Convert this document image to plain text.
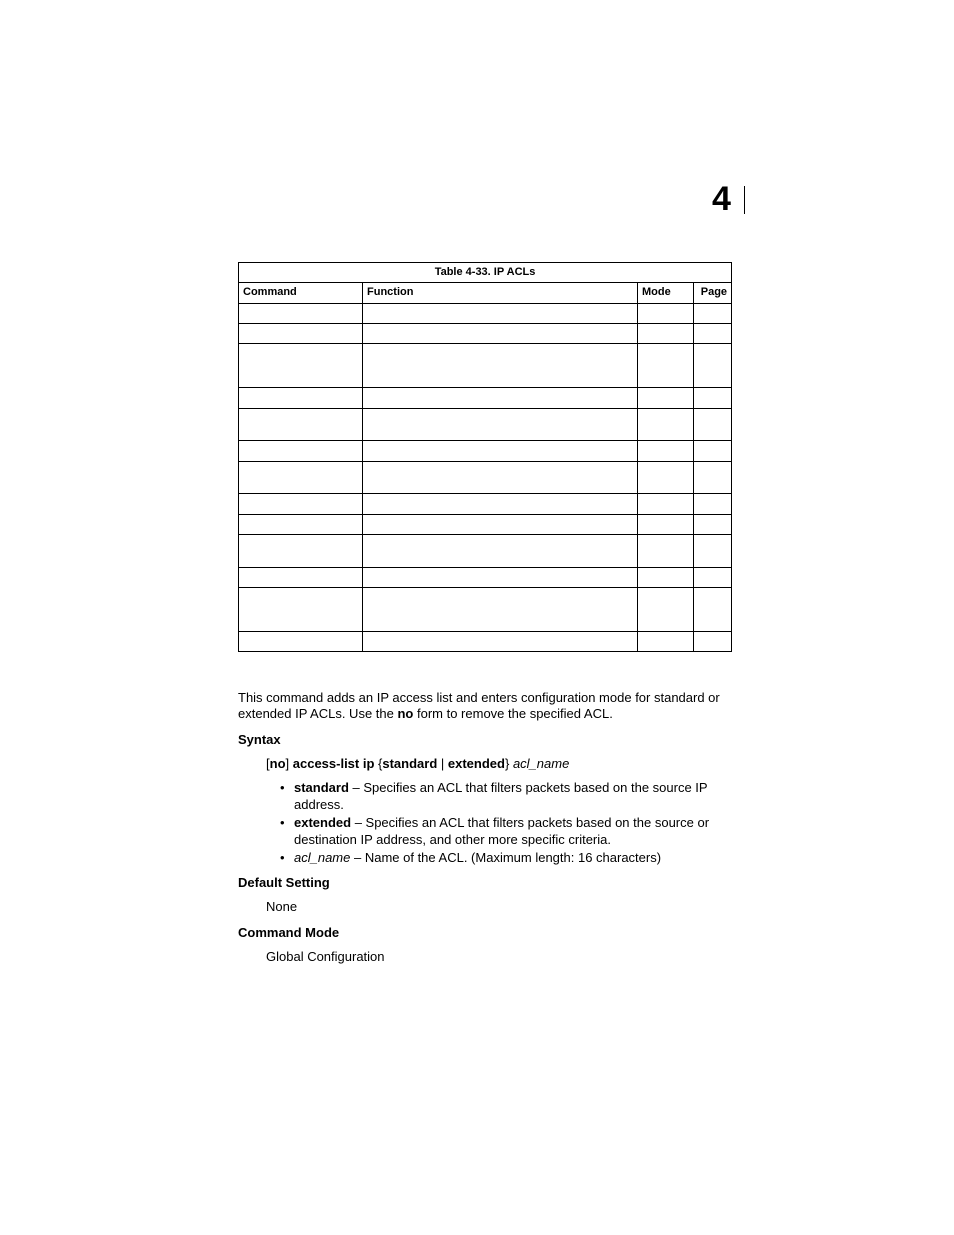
4
Table 4-33. IP ACLs			
Command	Function	Mode	Page

This command adds an IP access list and enters configuration mode for standard or extended IP ACLs. Use the no form to remove the specified ACL.
Syntax
[no] access-list ip {standard | extended} acl_name
• standard – Specifies an ACL that filters packets based on the source IP address.
• extended – Specifies an ACL that filters packets based on the source or destination IP address, and other more specific criteria.
• acl_name – Name of the ACL. (Maximum length: 16 characters)
Default Setting
None
Command Mode
Global Configuration
